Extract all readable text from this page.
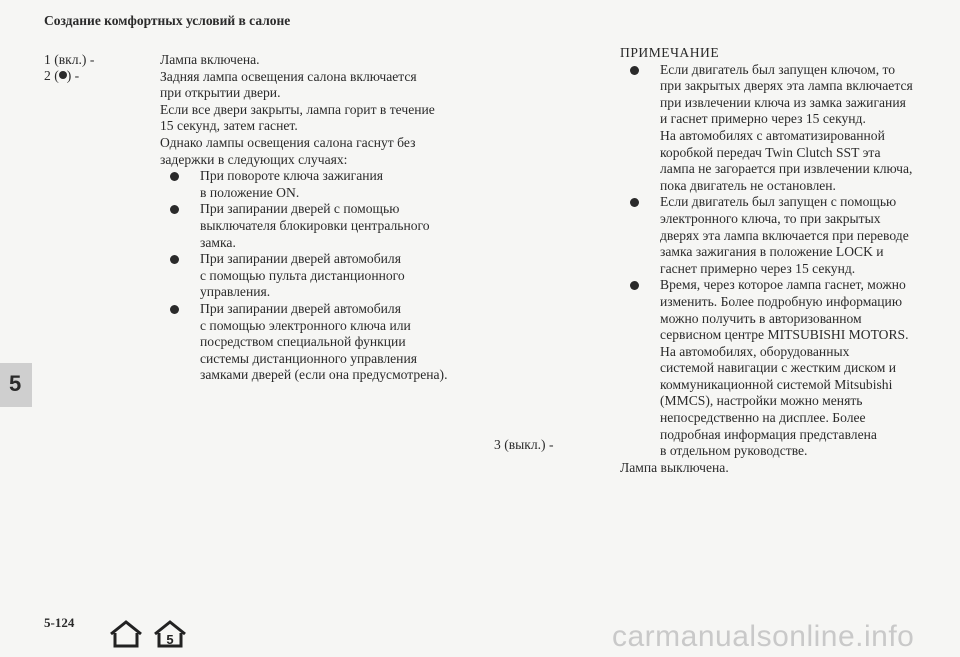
Создание комфортных условий в салоне
1 (вкл.) -
2 ( ) -

Лампа включена.

Задняя лампа освещения салона включается

при открытии двери.

Если все двери закрыты, лампа горит в течение

15 секунд, затем гаснет.

Однако лампы освещения салона гаснут без

задержки в следующих случаях:

При повороте ключа зажигания
в положение ON.
При запирании дверей с помощью
выключателя блокировки центрального
замка.
При запирании дверей автомобиля
с помощью пульта дистанционного
управления.
При запирании дверей автомобиля
с помощью электронного ключа или
посредством специальной функции
системы дистанционного управления
замками дверей (если она предусмотрена).

ПРИМЕЧАНИЕ

Если двигатель был запущен ключом, то
при закрытых дверях эта лампа включается
при извлечении ключа из замка зажигания
и гаснет примерно через 15 секунд.
На автомобилях с автоматизированной
коробкой передач Twin Clutch SST эта
лампа не загорается при извлечении ключа,
пока двигатель не остановлен.
Если двигатель был запущен с помощью
электронного ключа, то при закрытых
дверях эта лампа включается при переводе
замка зажигания в положение LOCK и
гаснет примерно через 15 секунд.
Время, через которое лампа гаснет, можно
изменить. Более подробную информацию
можно получить в авторизованном
сервисном центре MITSUBISHI MOTORS.
На автомобилях, оборудованных
системой навигации с жестким диском и
коммуникационной системой Mitsubishi
(MMCS), настройки можно менять
непосредственно на дисплее. Более
подробная информация представлена
в отдельном руководстве.

Лампа выключена.

3 (выкл.) -
5
5-124

5	carmanualsonline.info
